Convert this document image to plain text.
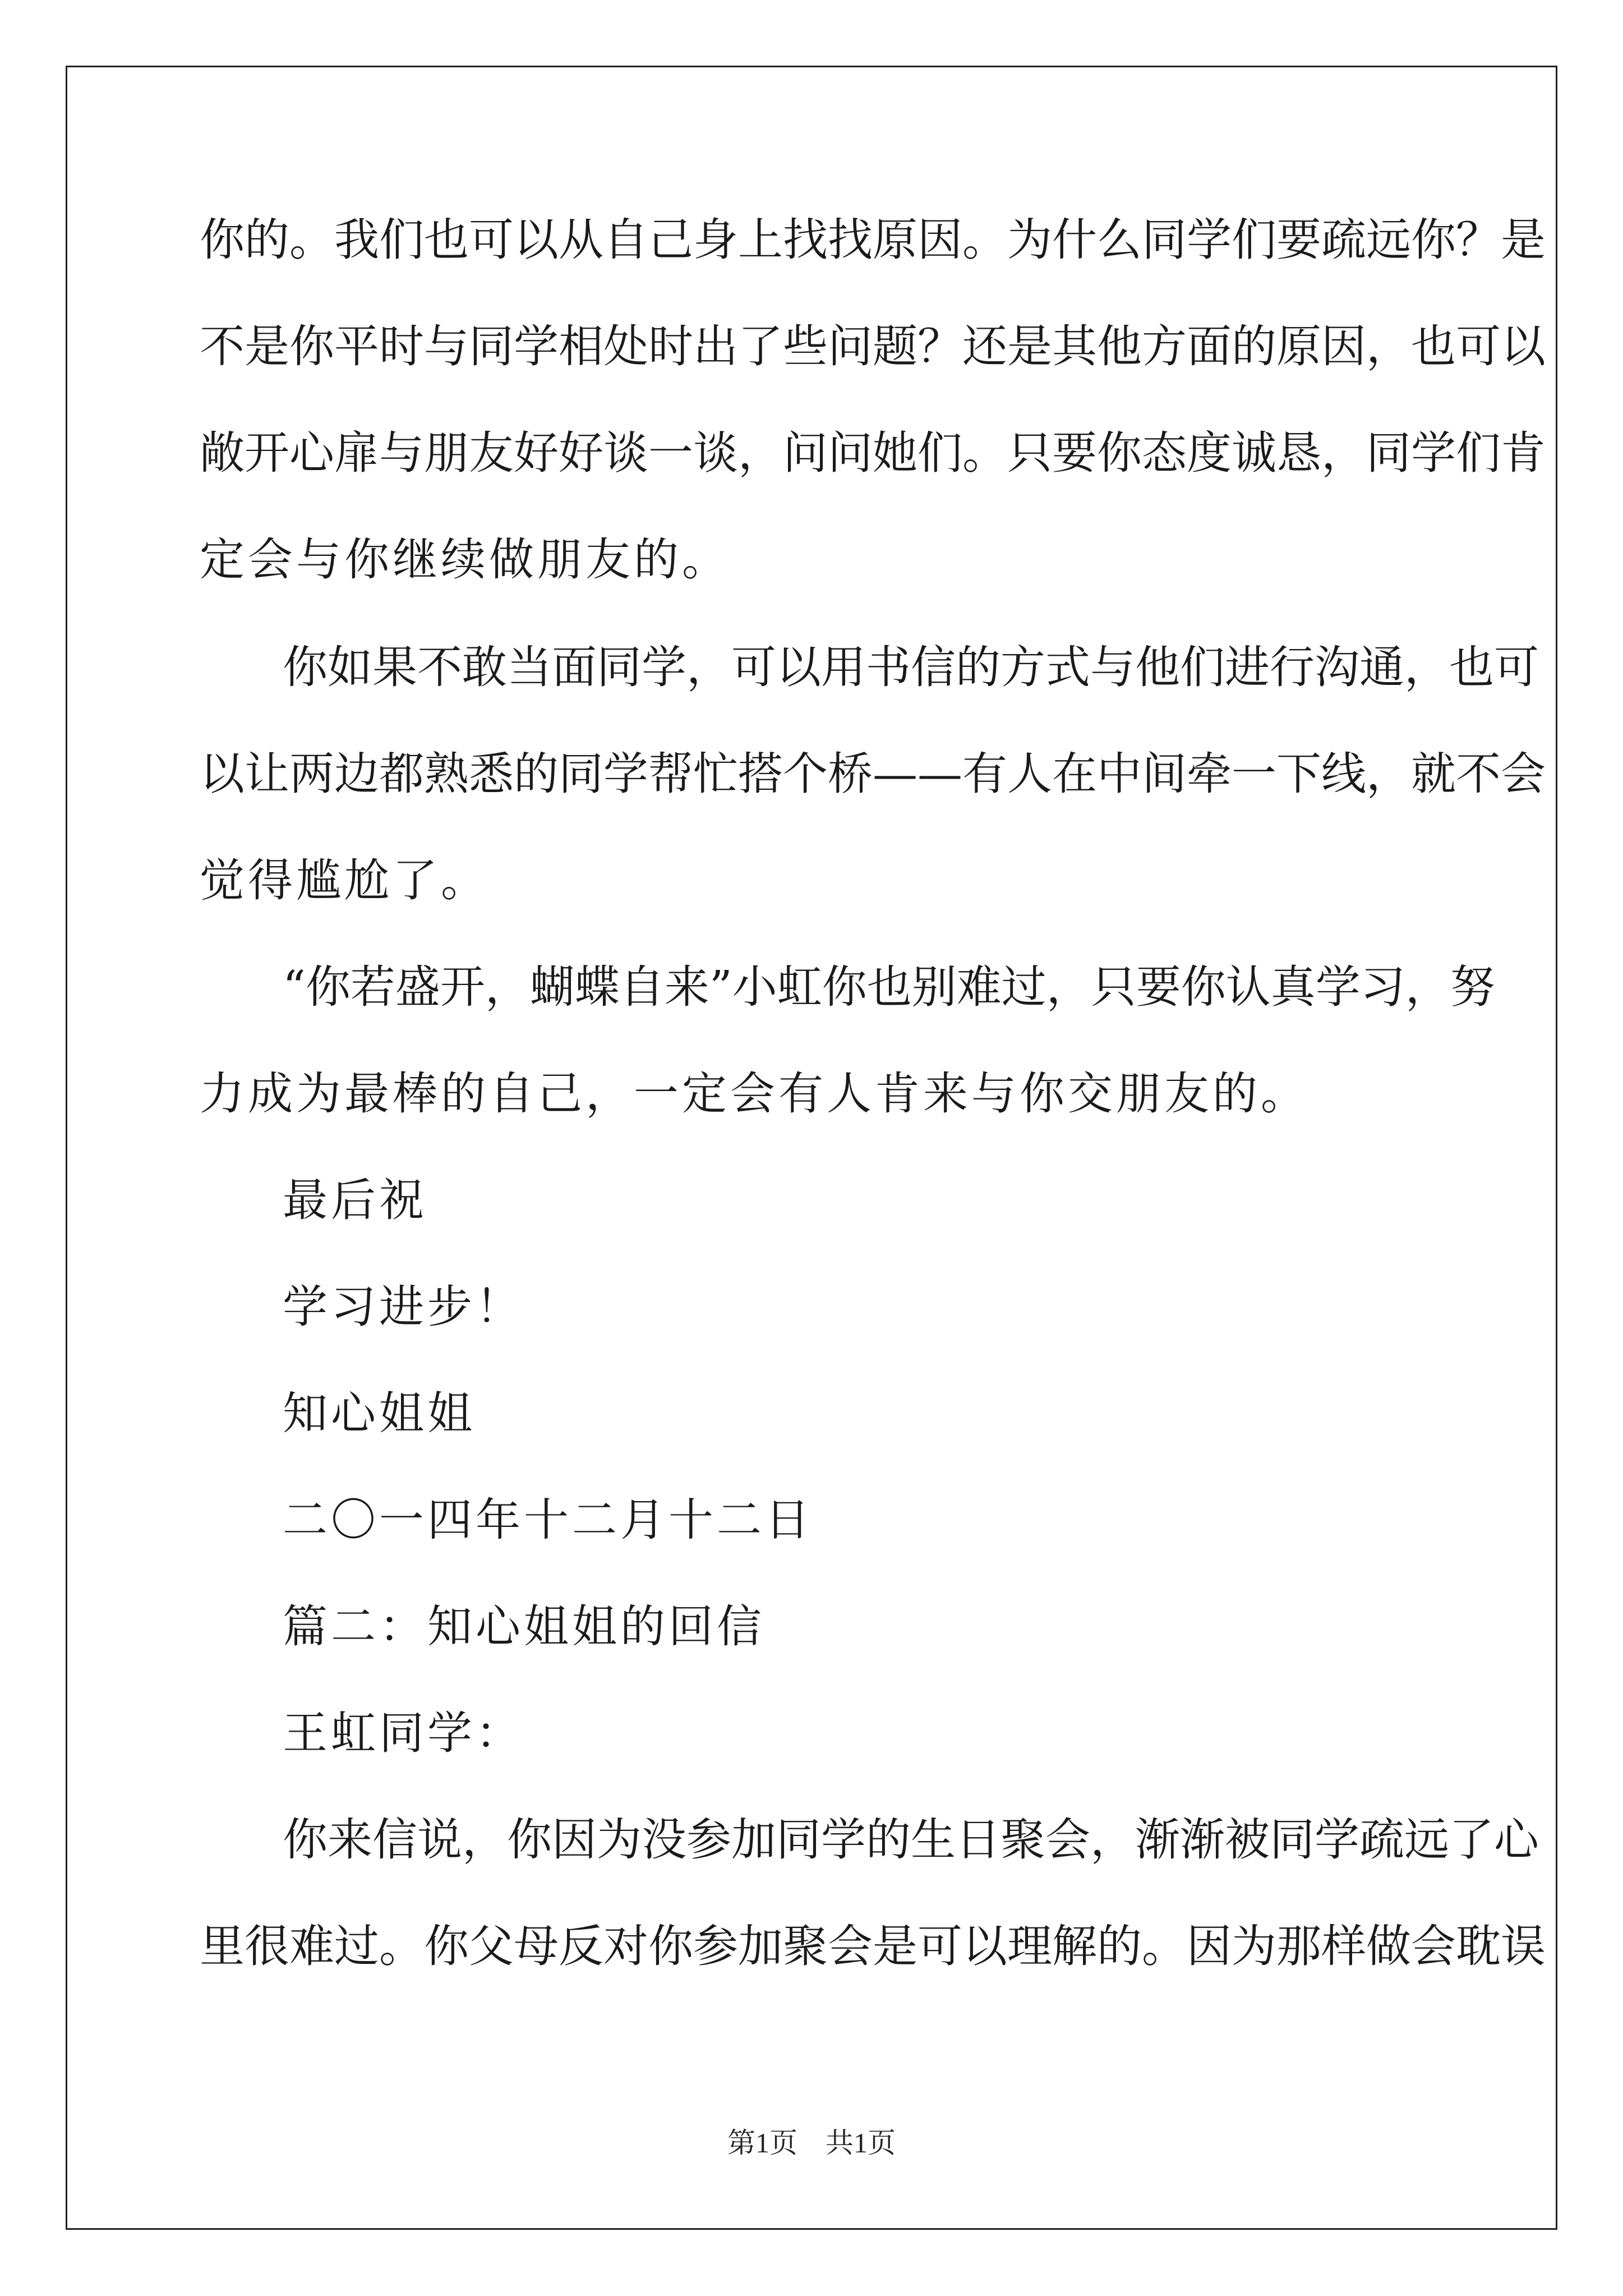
你的。我们也可以从自己身上找找原因。为什么同学们要疏远你？是
不是你平时与同学相处时出了些问题？还是其他方面的原因，也可以
敞开心扉与朋友好好谈一谈，问问她们。只要你态度诚恳，同学们肯
定会与你继续做朋友的。
你如果不敢当面同学，可以用书信的方式与他们进行沟通，也可
以让两边都熟悉的同学帮忙搭个桥——有人在中间牵一下线，就不会
觉得尴尬了。
“你若盛开，蝴蝶自来”小虹你也别难过，只要你认真学习，努
力成为最棒的自己，一定会有人肯来与你交朋友的。
最后祝
学习进步！
知心姐姐
二〇一四年十二月十二日
篇二：知心姐姐的回信
王虹同学：
你来信说，你因为没参加同学的生日聚会，渐渐被同学疏远了心
里很难过。你父母反对你参加聚会是可以理解的。因为那样做会耽误
第1页　共1页
